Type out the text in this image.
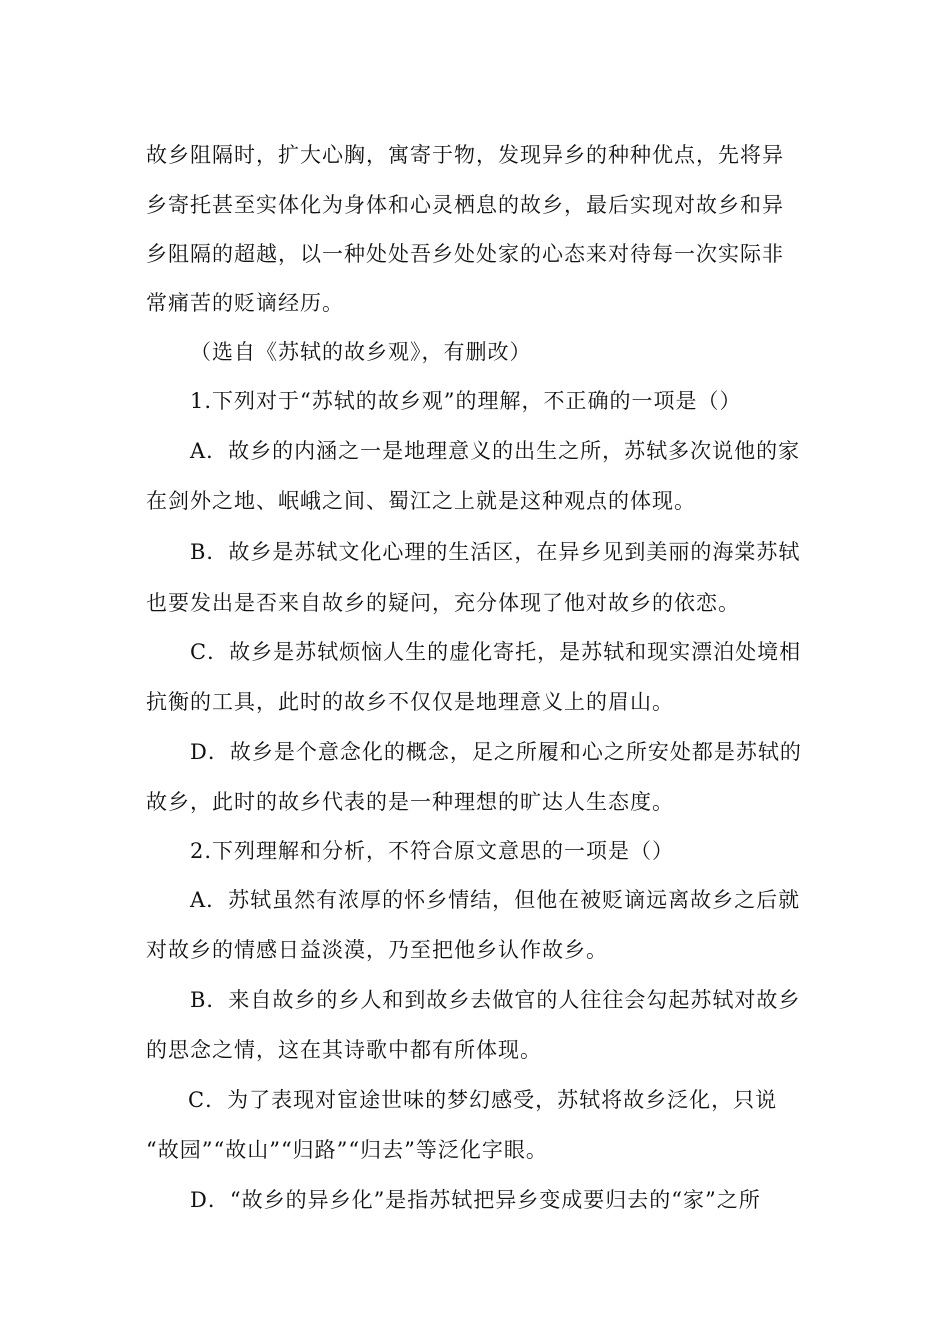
故乡阻隔时，扩大心胸，寓寄于物，发现异乡的种种优点，先将异
乡寄托甚至实体化为身体和心灵栖息的故乡，最后实现对故乡和异
乡阻隔的超越，以一种处处吾乡处处家的心态来对待每一次实际非
常痛苦的贬谪经历。
（选自《苏轼的故乡观》，有删改）
1.下列对于“苏轼的故乡观”的理解，不正确的一项是（）
A．故乡的内涵之一是地理意义的出生之所，苏轼多次说他的家
在剑外之地、岷峨之间、蜀江之上就是这种观点的体现。
B．故乡是苏轼文化心理的生活区，在异乡见到美丽的海棠苏轼
也要发出是否来自故乡的疑问，充分体现了他对故乡的依恋。
C．故乡是苏轼烦恼人生的虚化寄托，是苏轼和现实漂泊处境相
抗衡的工具，此时的故乡不仅仅是地理意义上的眉山。
D．故乡是个意念化的概念，足之所履和心之所安处都是苏轼的
故乡，此时的故乡代表的是一种理想的旷达人生态度。
2.下列理解和分析，不符合原文意思的一项是（）
A．苏轼虽然有浓厚的怀乡情结，但他在被贬谪远离故乡之后就
对故乡的情感日益淡漠，乃至把他乡认作故乡。
B．来自故乡的乡人和到故乡去做官的人往往会勾起苏轼对故乡
的思念之情，这在其诗歌中都有所体现。
C．为了表现对宦途世味的梦幻感受，苏轼将故乡泛化，只说
“故园”“故山”“归路”“归去”等泛化字眼。
D．“故乡的异乡化”是指苏轼把异乡变成要归去的“家”之所
